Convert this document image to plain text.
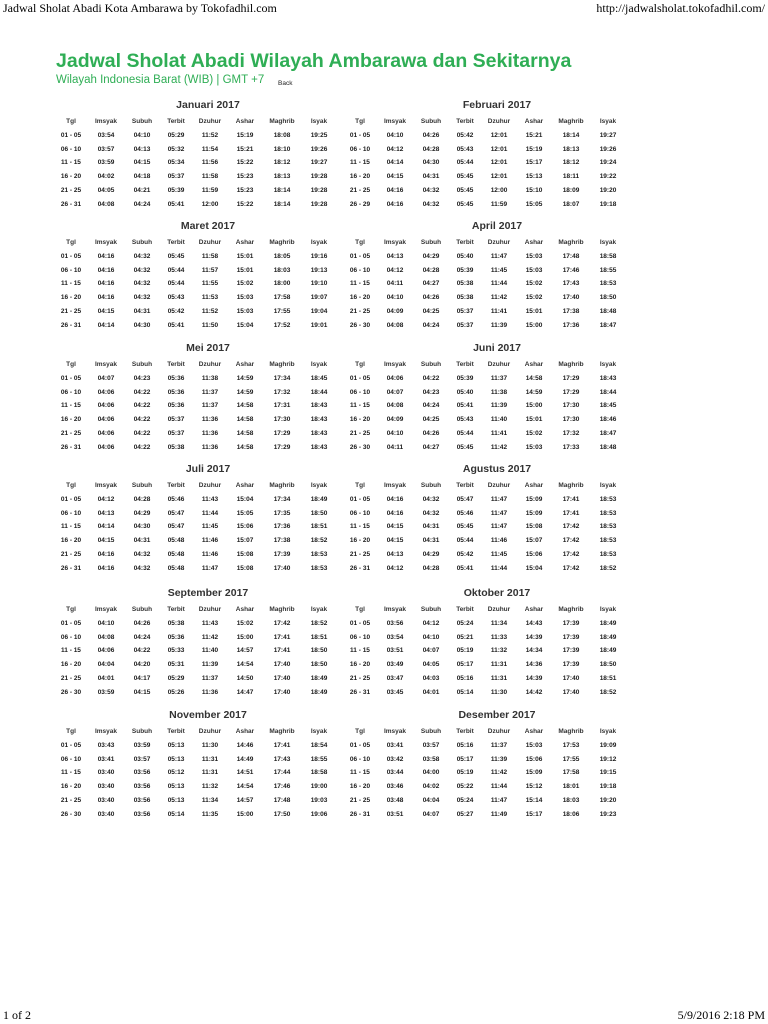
Jadwal Sholat Abadi Kota Ambarawa by Tokofadhil.com	http://jadwalsholat.tokofadhil.com/
Jadwal Sholat Abadi Wilayah Ambarawa dan Sekitarnya
Wilayah Indonesia Barat (WIB) | GMT +7 Back
Januari 2017
Tgl	Imsyak	Subuh	Terbit	Dzuhur	Ashar	Maghrib	Isyak
01 - 05	03:54	04:10	05:29	11:52	15:19	18:08	19:25
06 - 10	03:57	04:13	05:32	11:54	15:21	18:10	19:26
11 - 15	03:59	04:15	05:34	11:56	15:22	18:12	19:27
16 - 20	04:02	04:18	05:37	11:58	15:23	18:13	19:28
21 - 25	04:05	04:21	05:39	11:59	15:23	18:14	19:28
26 - 31	04:08	04:24	05:41	12:00	15:22	18:14	19:28
Februari 2017
Tgl	Imsyak	Subuh	Terbit	Dzuhur	Ashar	Maghrib	Isyak
01 - 05	04:10	04:26	05:42	12:01	15:21	18:14	19:27
06 - 10	04:12	04:28	05:43	12:01	15:19	18:13	19:26
11 - 15	04:14	04:30	05:44	12:01	15:17	18:12	19:24
16 - 20	04:15	04:31	05:45	12:01	15:13	18:11	19:22
21 - 25	04:16	04:32	05:45	12:00	15:10	18:09	19:20
26 - 29	04:16	04:32	05:45	11:59	15:05	18:07	19:18
Maret 2017
Tgl	Imsyak	Subuh	Terbit	Dzuhur	Ashar	Maghrib	Isyak
01 - 05	04:16	04:32	05:45	11:58	15:01	18:05	19:16
06 - 10	04:16	04:32	05:44	11:57	15:01	18:03	19:13
11 - 15	04:16	04:32	05:44	11:55	15:02	18:00	19:10
16 - 20	04:16	04:32	05:43	11:53	15:03	17:58	19:07
21 - 25	04:15	04:31	05:42	11:52	15:03	17:55	19:04
26 - 31	04:14	04:30	05:41	11:50	15:04	17:52	19:01
April 2017
Tgl	Imsyak	Subuh	Terbit	Dzuhur	Ashar	Maghrib	Isyak
01 - 05	04:13	04:29	05:40	11:47	15:03	17:48	18:58
06 - 10	04:12	04:28	05:39	11:45	15:03	17:46	18:55
11 - 15	04:11	04:27	05:38	11:44	15:02	17:43	18:53
16 - 20	04:10	04:26	05:38	11:42	15:02	17:40	18:50
21 - 25	04:09	04:25	05:37	11:41	15:01	17:38	18:48
26 - 30	04:08	04:24	05:37	11:39	15:00	17:36	18:47
Mei 2017
Tgl	Imsyak	Subuh	Terbit	Dzuhur	Ashar	Maghrib	Isyak
01 - 05	04:07	04:23	05:36	11:38	14:59	17:34	18:45
06 - 10	04:06	04:22	05:36	11:37	14:59	17:32	18:44
11 - 15	04:06	04:22	05:36	11:37	14:58	17:31	18:43
16 - 20	04:06	04:22	05:37	11:36	14:58	17:30	18:43
21 - 25	04:06	04:22	05:37	11:36	14:58	17:29	18:43
26 - 31	04:06	04:22	05:38	11:36	14:58	17:29	18:43
Juni 2017
Tgl	Imsyak	Subuh	Terbit	Dzuhur	Ashar	Maghrib	Isyak
01 - 05	04:06	04:22	05:39	11:37	14:58	17:29	18:43
06 - 10	04:07	04:23	05:40	11:38	14:59	17:29	18:44
11 - 15	04:08	04:24	05:41	11:39	15:00	17:30	18:45
16 - 20	04:09	04:25	05:43	11:40	15:01	17:30	18:46
21 - 25	04:10	04:26	05:44	11:41	15:02	17:32	18:47
26 - 30	04:11	04:27	05:45	11:42	15:03	17:33	18:48
Juli 2017
Tgl	Imsyak	Subuh	Terbit	Dzuhur	Ashar	Maghrib	Isyak
01 - 05	04:12	04:28	05:46	11:43	15:04	17:34	18:49
06 - 10	04:13	04:29	05:47	11:44	15:05	17:35	18:50
11 - 15	04:14	04:30	05:47	11:45	15:06	17:36	18:51
16 - 20	04:15	04:31	05:48	11:46	15:07	17:38	18:52
21 - 25	04:16	04:32	05:48	11:46	15:08	17:39	18:53
26 - 31	04:16	04:32	05:48	11:47	15:08	17:40	18:53
Agustus 2017
Tgl	Imsyak	Subuh	Terbit	Dzuhur	Ashar	Maghrib	Isyak
01 - 05	04:16	04:32	05:47	11:47	15:09	17:41	18:53
06 - 10	04:16	04:32	05:46	11:47	15:09	17:41	18:53
11 - 15	04:15	04:31	05:45	11:47	15:08	17:42	18:53
16 - 20	04:15	04:31	05:44	11:46	15:07	17:42	18:53
21 - 25	04:13	04:29	05:42	11:45	15:06	17:42	18:53
26 - 31	04:12	04:28	05:41	11:44	15:04	17:42	18:52
September 2017
Tgl	Imsyak	Subuh	Terbit	Dzuhur	Ashar	Maghrib	Isyak
01 - 05	04:10	04:26	05:38	11:43	15:02	17:42	18:52
06 - 10	04:08	04:24	05:36	11:42	15:00	17:41	18:51
11 - 15	04:06	04:22	05:33	11:40	14:57	17:41	18:50
16 - 20	04:04	04:20	05:31	11:39	14:54	17:40	18:50
21 - 25	04:01	04:17	05:29	11:37	14:50	17:40	18:49
26 - 30	03:59	04:15	05:26	11:36	14:47	17:40	18:49
Oktober 2017
Tgl	Imsyak	Subuh	Terbit	Dzuhur	Ashar	Maghrib	Isyak
01 - 05	03:56	04:12	05:24	11:34	14:43	17:39	18:49
06 - 10	03:54	04:10	05:21	11:33	14:39	17:39	18:49
11 - 15	03:51	04:07	05:19	11:32	14:34	17:39	18:49
16 - 20	03:49	04:05	05:17	11:31	14:36	17:39	18:50
21 - 25	03:47	04:03	05:16	11:31	14:39	17:40	18:51
26 - 31	03:45	04:01	05:14	11:30	14:42	17:40	18:52
November 2017
Tgl	Imsyak	Subuh	Terbit	Dzuhur	Ashar	Maghrib	Isyak
01 - 05	03:43	03:59	05:13	11:30	14:46	17:41	18:54
06 - 10	03:41	03:57	05:13	11:31	14:49	17:43	18:55
11 - 15	03:40	03:56	05:12	11:31	14:51	17:44	18:58
16 - 20	03:40	03:56	05:13	11:32	14:54	17:46	19:00
21 - 25	03:40	03:56	05:13	11:34	14:57	17:48	19:03
26 - 30	03:40	03:56	05:14	11:35	15:00	17:50	19:06
Desember 2017
Tgl	Imsyak	Subuh	Terbit	Dzuhur	Ashar	Maghrib	Isyak
01 - 05	03:41	03:57	05:16	11:37	15:03	17:53	19:09
06 - 10	03:42	03:58	05:17	11:39	15:06	17:55	19:12
11 - 15	03:44	04:00	05:19	11:42	15:09	17:58	19:15
16 - 20	03:46	04:02	05:22	11:44	15:12	18:01	19:18
21 - 25	03:48	04:04	05:24	11:47	15:14	18:03	19:20
26 - 31	03:51	04:07	05:27	11:49	15:17	18:06	19:23
1 of 2	5/9/2016 2:18 PM
